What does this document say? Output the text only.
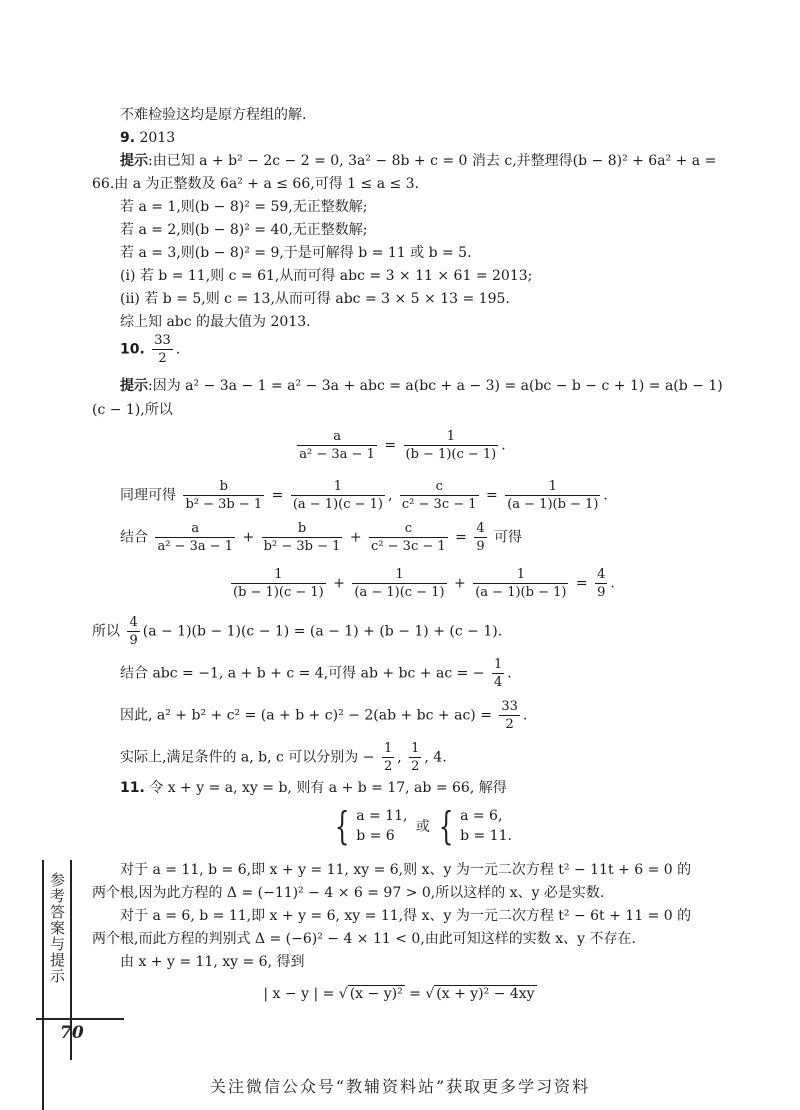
不难检验这均是原方程组的解.
9. 2013
提示:由已知 a + b² − 2c − 2 = 0, 3a² − 8b + c = 0 消去 c,并整理得(b − 8)² + 6a² + a =
66.由 a 为正整数及 6a² + a ≤ 66,可得 1 ≤ a ≤ 3.
若 a = 1,则(b − 8)² = 59,无正整数解;
若 a = 2,则(b − 8)² = 40,无正整数解;
若 a = 3,则(b − 8)² = 9,于是可解得 b = 11 或 b = 5.
(i) 若 b = 11,则 c = 61,从而可得 abc = 3 × 11 × 61 = 2013;
(ii) 若 b = 5,则 c = 13,从而可得 abc = 3 × 5 × 13 = 195.
综上知 abc 的最大值为 2013.
10. $\frac{33}{2}$ .
提示:因为 a² − 3a − 1 = a² − 3a + abc = a(bc + a − 3) = a(bc − b − c + 1) = a(b − 1)
(c − 1),所以
$\frac{a}{\text{a² − 3a − 1}} = \frac{1}{(b - 1)(c - 1)}$ .
同理可得 $\frac{b}{\text{b² − 3b − 1}} = \frac{1}{(a - 1)(c - 1)}$ , $\frac{c}{\text{c² − 3c − 1}} = \frac{1}{(a - 1)(b - 1)}$ .
结合 $\frac{a}{\text{a² − 3a − 1}} + \frac{b}{\text{b² − 3b − 1}} + \frac{c}{\text{c² − 3c − 1}} = \frac{4}{9}$ 可得
$\frac{1}{(b - 1)(c - 1)} + \frac{1}{(a - 1)(c - 1)} + \frac{1}{(a - 1)(b - 1)} = \frac{4}{9}$ .
所以 $\frac{4}{9} (a - 1)(b - 1)(c - 1) = (a - 1) + (b - 1) + (c - 1)$.
结合 abc = −1, a + b + c = 4,可得 ab + bc + ac = − $\frac{1}{4}$ .
因此, a² + b² + c² = (a + b + c)² − 2(ab + bc + $ac) = \frac{33}{2}$ .
实际上,满足条件的 a, b, c 可以分别为 − $\frac{1}{2}$ , $\frac{1}{2}$ , 4.
11. 令 x + y = a, xy = b, 则有 a + b = 17, ab = 66, 解得
{ a = 11,
b = 6
或 { a = 6,
b = 11.
对于 a = 11, b = 6,即 x + y = 11, xy = 6,则 x、y 为一元二次方程 t² − 11t + 6 = 0 的
两个根,因为此方程的 Δ = (−11)² − 4 × 6 = 97 > 0,所以这样的 x、y 必是实数.
对于 a = 6, b = 11,即 x + y = 6, xy = 11,得 x、y 为一元二次方程 t² − 6t + 11 = 0 的
两个根,而此方程的判别式 Δ = (−6)² − 4 × 11 < 0,由此可知这样的实数 x、y 不存在.
由 x + y = 11, xy = 6, 得到
| x − y | = √ (x − y)² = √ (x + y)² − 4xy
参考答案与提示
70
关注微信公众号“教辅资料站”获取更多学习资料
